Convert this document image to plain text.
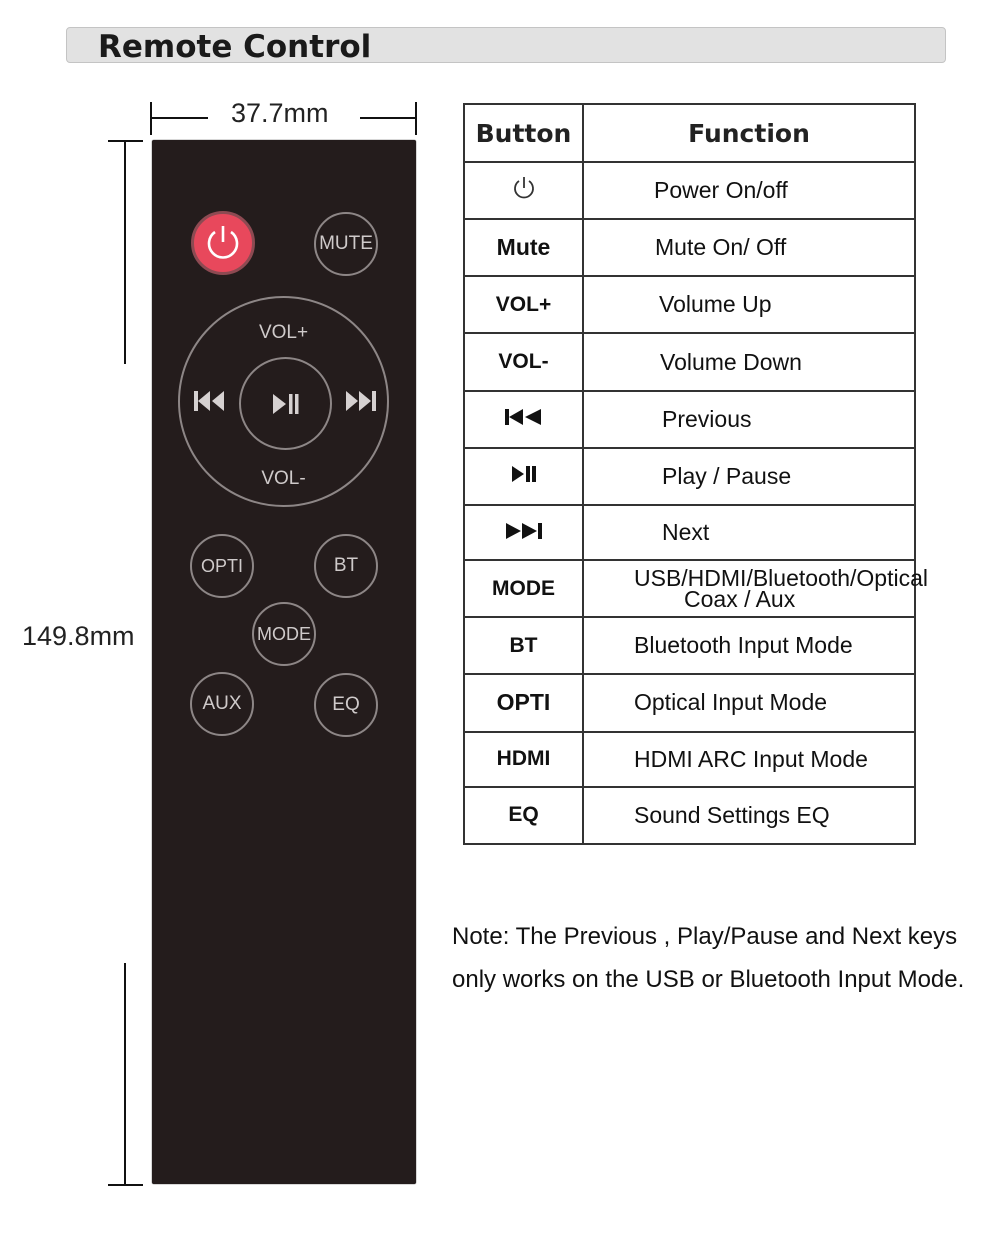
Remote Control
37.7mm
149.8mm
MUTE
VOL+
VOL-
OPTI	BT
MODE
AUX	EQ
Button	Function
	Power On/off
Mute	Mute On/ Off
VOL+	Volume Up
VOL-	Volume Down
	Previous
	Play / Pause
	Next
MODE	USB/HDMI/Bluetooth/Optical
Coax / Aux

BT	Bluetooth Input Mode
OPTI	Optical Input Mode
HDMI	HDMI ARC Input Mode
EQ	Sound Settings EQ
Note: The Previous , Play/Pause and Next keys only works on the USB or Bluetooth Input Mode.
